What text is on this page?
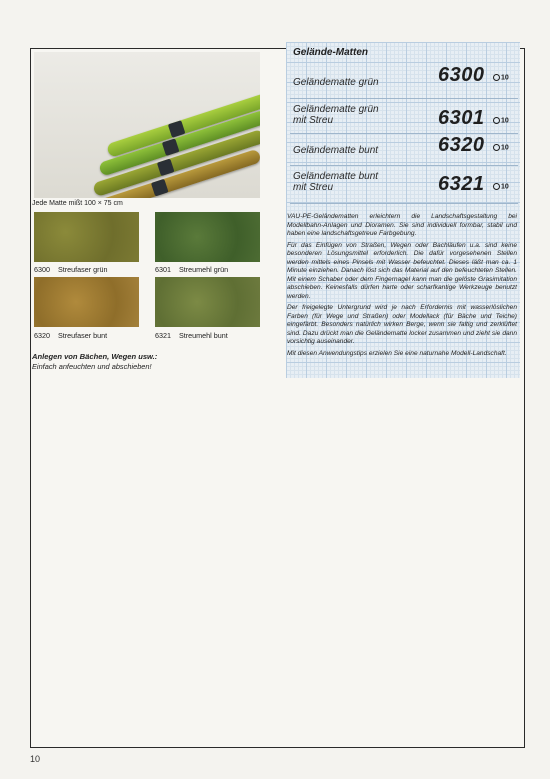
Jede Matte mißt 100 × 75 cm
6300 Streufaser grün	6301 Streumehl grün
6320 Streufaser bunt	6321 Streumehl bunt
Anlegen von Bächen, Wegen usw.:
Einfach anfeuchten und abschieben!
Gelände-Matten
Geländematte grün	6300	10
Geländematte grün
mit Streu	6301	10
Geländematte bunt	6320	10
Geländematte bunt
mit Streu	6321	10

VAU-PE-Geländematten erleichtern die Landschaftsgestaltung bei Modellbahn-Anlagen und Dioramen. Sie sind individuell formbar, stabil und haben eine landschaftsgetreue Farbgebung.

Für das Einfügen von Straßen, Wegen oder Bachläufen u.a. sind keine besonderen Lösungsmittel erforderlich. Die dafür vorgesehenen Stellen werden mittels eines Pinsels mit Wasser befeuchtet. Dieses läßt man ca. 1 Minute einziehen. Danach löst sich das Material auf den befeuchteten Stellen. Mit einem Schaber oder dem Fingernagel kann man die gelöste Grasimitation abschieben. Keinesfalls dürfen harte oder scharfkantige Werkzeuge benutzt werden.

Der freigelegte Untergrund wird je nach Erfordernis mit wasserlöslichen Farben (für Wege und Straßen) oder Modellack (für Bäche und Teiche) eingefärbt. Besonders natürlich wirken Berge, wenn sie faltig und zerklüftet sind. Dazu drückt man die Geländematte locker zusammen und zieht sie dann vorsichtig auseinander.

Mit diesen Anwendungstips erzielen Sie eine naturnahe Modell-Landschaft.

10
